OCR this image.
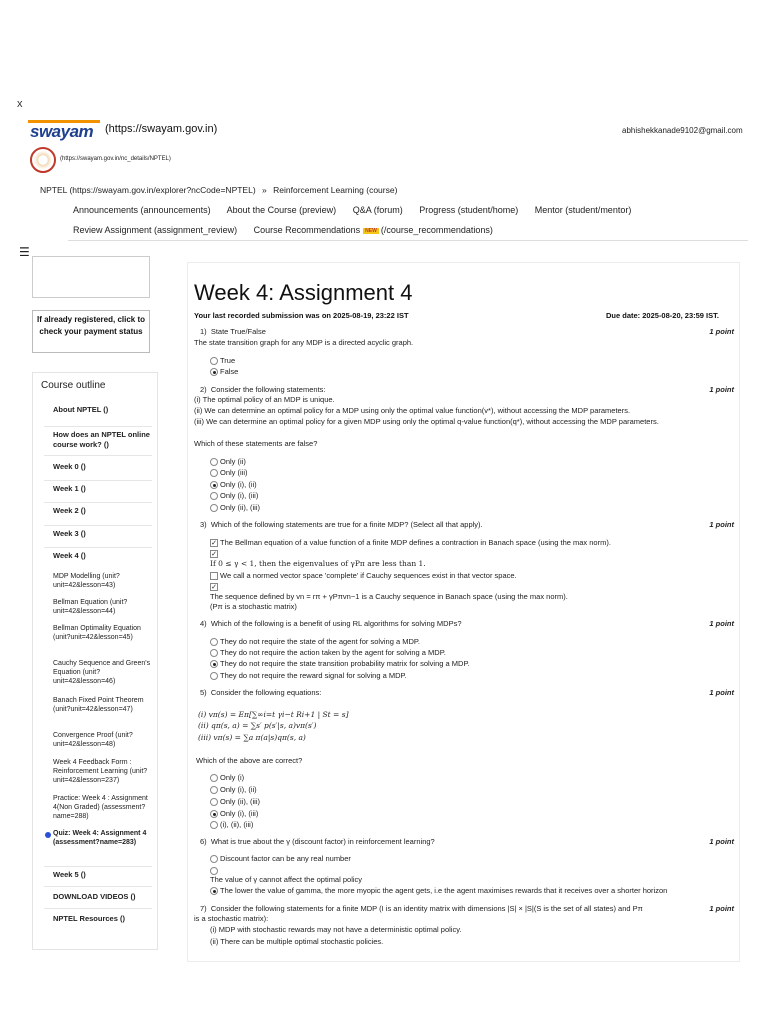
x
swayam (https://swayam.gov.in)	abhishekkanade9102@gmail.com
(https://swayam.gov.in/nc_details/NPTEL)
NPTEL (https://swayam.gov.in/explorer?ncCode=NPTEL) » Reinforcement Learning (course)
Announcements (announcements) About the Course (preview) Q&A (forum) Progress (student/home) Mentor (student/mentor)
Review Assignment (assignment_review) Course Recommendations NEW (/course_recommendations)
☰
If already registered, click to check your payment status
Course outline
About NPTEL ()
How does an NPTEL online course work? ()
Week 0 ()
Week 1 ()
Week 2 ()
Week 3 ()
Week 4 ()
MDP Modelling (unit?unit=42&lesson=43)
Bellman Equation (unit?unit=42&lesson=44)
Bellman Optimality Equation (unit?unit=42&lesson=45)
Cauchy Sequence and Green's Equation (unit?unit=42&lesson=46)
Banach Fixed Point Theorem (unit?unit=42&lesson=47)
Convergence Proof (unit?unit=42&lesson=48)
Week 4 Feedback Form : Reinforcement Learning (unit?unit=42&lesson=237)
Practice: Week 4 : Assignment 4(Non Graded) (assessment?name=288)
Quiz: Week 4: Assignment 4 (assessment?name=283)
Week 5 ()
DOWNLOAD VIDEOS ()
NPTEL Resources ()
Week 4: Assignment 4
Your last recorded submission was on 2025-08-19, 23:22 IST	Due date: 2025-08-20, 23:59 IST.
1) State True/False	1 point
The state transition graph for any MDP is a directed acyclic graph.
True
False
2) Consider the following statements:	1 point
(i) The optimal policy of an MDP is unique.
(ii) We can determine an optimal policy for a MDP using only the optimal value function(v*), without accessing the MDP parameters.
(iii) We can determine an optimal policy for a given MDP using only the optimal q-value function(q*), without accessing the MDP parameters.
Which of these statements are false?
Only (ii)
Only (iii)
Only (i), (ii)
Only (i), (iii)
Only (ii), (iii)
3) Which of the following statements are true for a finite MDP? (Select all that apply).	1 point
✓ The Bellman equation of a value function of a finite MDP defines a contraction in Banach space (using the max norm).
✓
If 0 ≤ γ < 1, then the eigenvalues of γPπ are less than 1.
We call a normed vector space 'complete' if Cauchy sequences exist in that vector space.
✓
The sequence defined by vn = rπ + γPπvn−1 is a Cauchy sequence in Banach space (using the max norm).
(Pπ is a stochastic matrix)
4) Which of the following is a benefit of using RL algorithms for solving MDPs?	1 point
They do not require the state of the agent for solving a MDP.
They do not require the action taken by the agent for solving a MDP.
They do not require the state transition probability matrix for solving a MDP.
They do not require the reward signal for solving a MDP.
5) Consider the following equations:	1 point
(i) vπ(s) = Eπ[∑∞i=t γi−t Ri+1 | St = s]
(ii) qπ(s, a) = ∑s′ p(s′|s, a)vπ(s′)
(iii) vπ(s) = ∑a π(a|s)qπ(s, a)
Which of the above are correct?
Only (i)
Only (i), (ii)
Only (ii), (iii)
Only (i), (iii)
(i), (ii), (iii)
6) What is true about the γ (discount factor) in reinforcement learning?	1 point
Discount factor can be any real number
The value of γ cannot affect the optimal policy
The lower the value of gamma, the more myopic the agent gets, i.e the agent maximises rewards that it receives over a shorter horizon
7) Consider the following statements for a finite MDP (I is an identity matrix with dimensions |S| × |S|(S is the set of all states) and Pπ	1 point
is a stochastic matrix):
(i) MDP with stochastic rewards may not have a deterministic optimal policy.
(ii) There can be multiple optimal stochastic policies.
